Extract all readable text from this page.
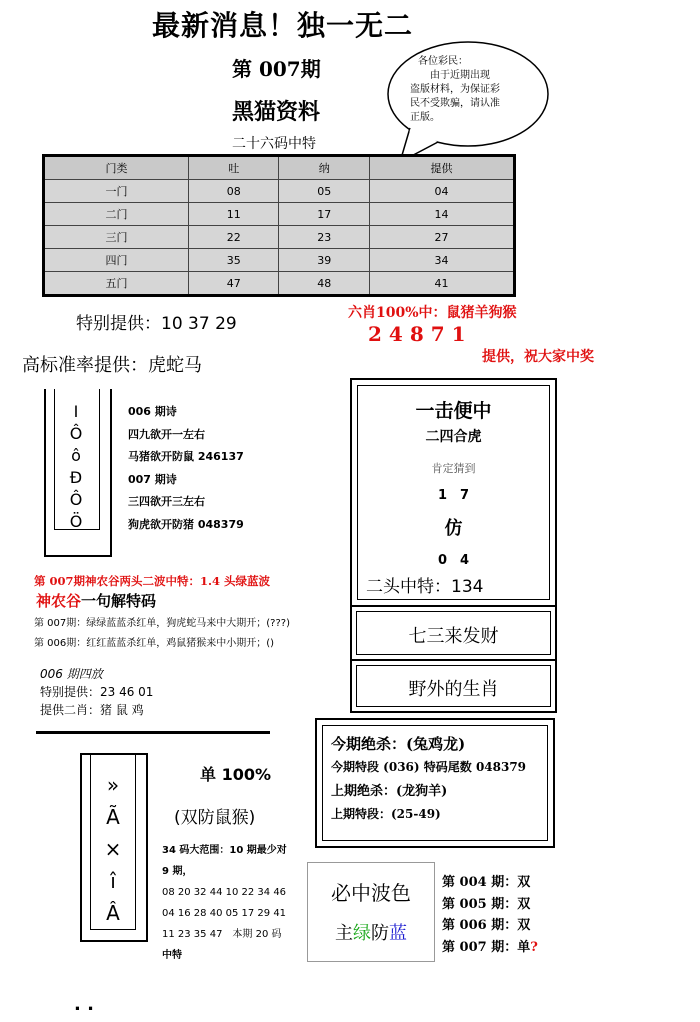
最新消息！独一无二
第 007期
黑猫资料
二十六码中特
各位彩民：
由于近期出现
盗版材料，为保证彩
民不受欺骗，请认准
正版。
门类	吐	纳	提供
一门	08	05	04
二门	11	17	14
三门	22	23	27
四门	35	39	34
五门	47	48	41
特别提供：10 37 29
六肖100%中：鼠猪羊狗猴
24871
提供，祝大家中奖
高标准率提供：虎蛇马
Ⅰ
Ô
ô
Ð
Ô
Ö
006 期诗
四九欲开一左右
马猪欲开防鼠 246137
007 期诗
三四欲开三左右
狗虎欲开防猪 048379
一击便中
二四合虎
肯定猜到
1　7
仿
0　4
二头中特：134
七三来发财
野外的生肖
第 007期神农谷两头二波中特：1.4 头绿蓝波
神农谷一句解特码
第 007期：绿绿蓝蓝杀红单，狗虎蛇马来中大期开；(???)
第 006期：红红蓝蓝杀红单，鸡鼠猪猴来中小期开；()
006 期四放
特别提供：23 46 01
提供二肖：猪 鼠 鸡
今期绝杀：(兔鸡龙)
今期特段 (036) 特码尾数 048379
上期绝杀：(龙狗羊)
上期特段：(25-49)
»
Ã
×
î
Â
单 100%
(双防鼠猴)
34 码大范围：10 期最少对
9 期，
08 20 32 44 10 22 34 46
04 16 28 40 05 17 29 41
11 23 35 47　本期 20 码
中特
必中波色
主绿防蓝
第 004 期：双
第 005 期：双
第 006 期：双
第 007 期：单?
. .
